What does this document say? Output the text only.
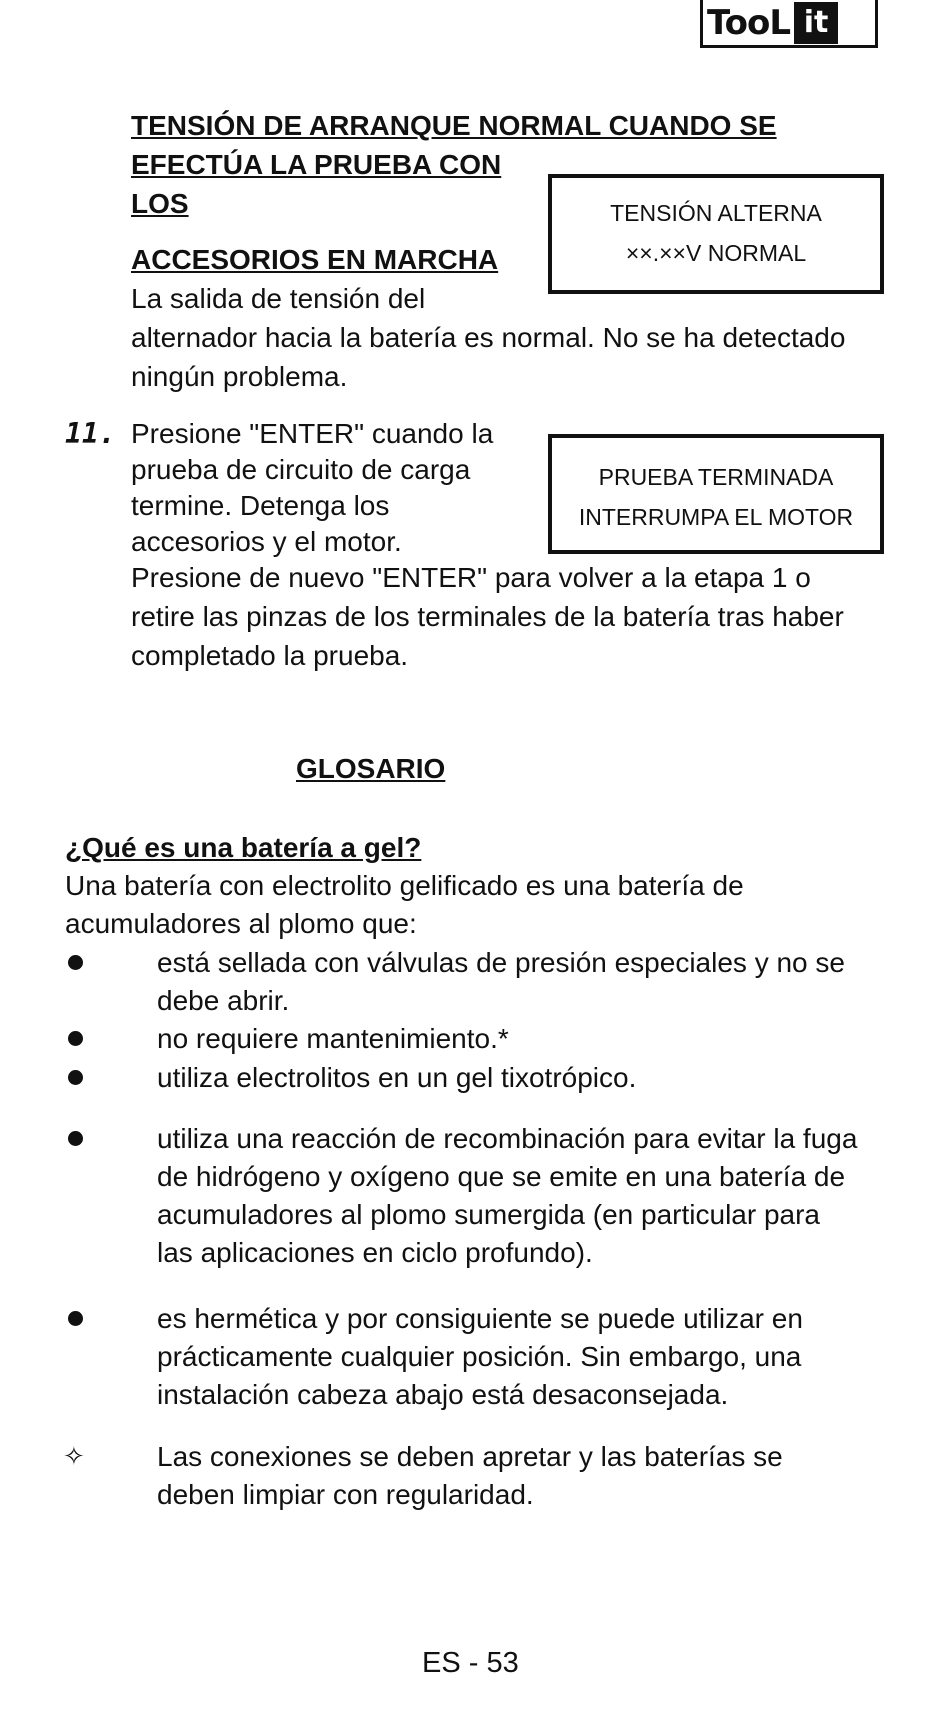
TooL it
TENSIÓN DE ARRANQUE NORMAL CUANDO SE
EFECTÚA LA PRUEBA CON
LOS
ACCESORIOS EN MARCHA
TENSIÓN ALTERNA
××.××V NORMAL
La salida de tensión del
alternador hacia la batería es normal. No se ha detectado
ningún problema.
11. Presione "ENTER" cuando la
prueba de circuito de carga
termine. Detenga los
accesorios y el motor.
PRUEBA TERMINADA
INTERRUMPA EL MOTOR
Presione de nuevo "ENTER" para volver a la etapa 1 o
retire las pinzas de los terminales de la batería tras haber
completado la prueba.
GLOSARIO
¿Qué es una batería a gel?
Una batería con electrolito gelificado es una batería de
acumuladores al plomo que:
está sellada con válvulas de presión especiales y no se
debe abrir.
no requiere mantenimiento.*
utiliza electrolitos en un gel tixotrópico.
utiliza una reacción de recombinación para evitar la fuga
de hidrógeno y oxígeno que se emite en una batería de
acumuladores al plomo sumergida (en particular para
las aplicaciones en ciclo profundo).
es hermética y por consiguiente se puede utilizar en
prácticamente cualquier posición. Sin embargo, una
instalación cabeza abajo está desaconsejada.
✧	Las conexiones se deben apretar y las baterías se
deben limpiar con regularidad.
ES - 53
